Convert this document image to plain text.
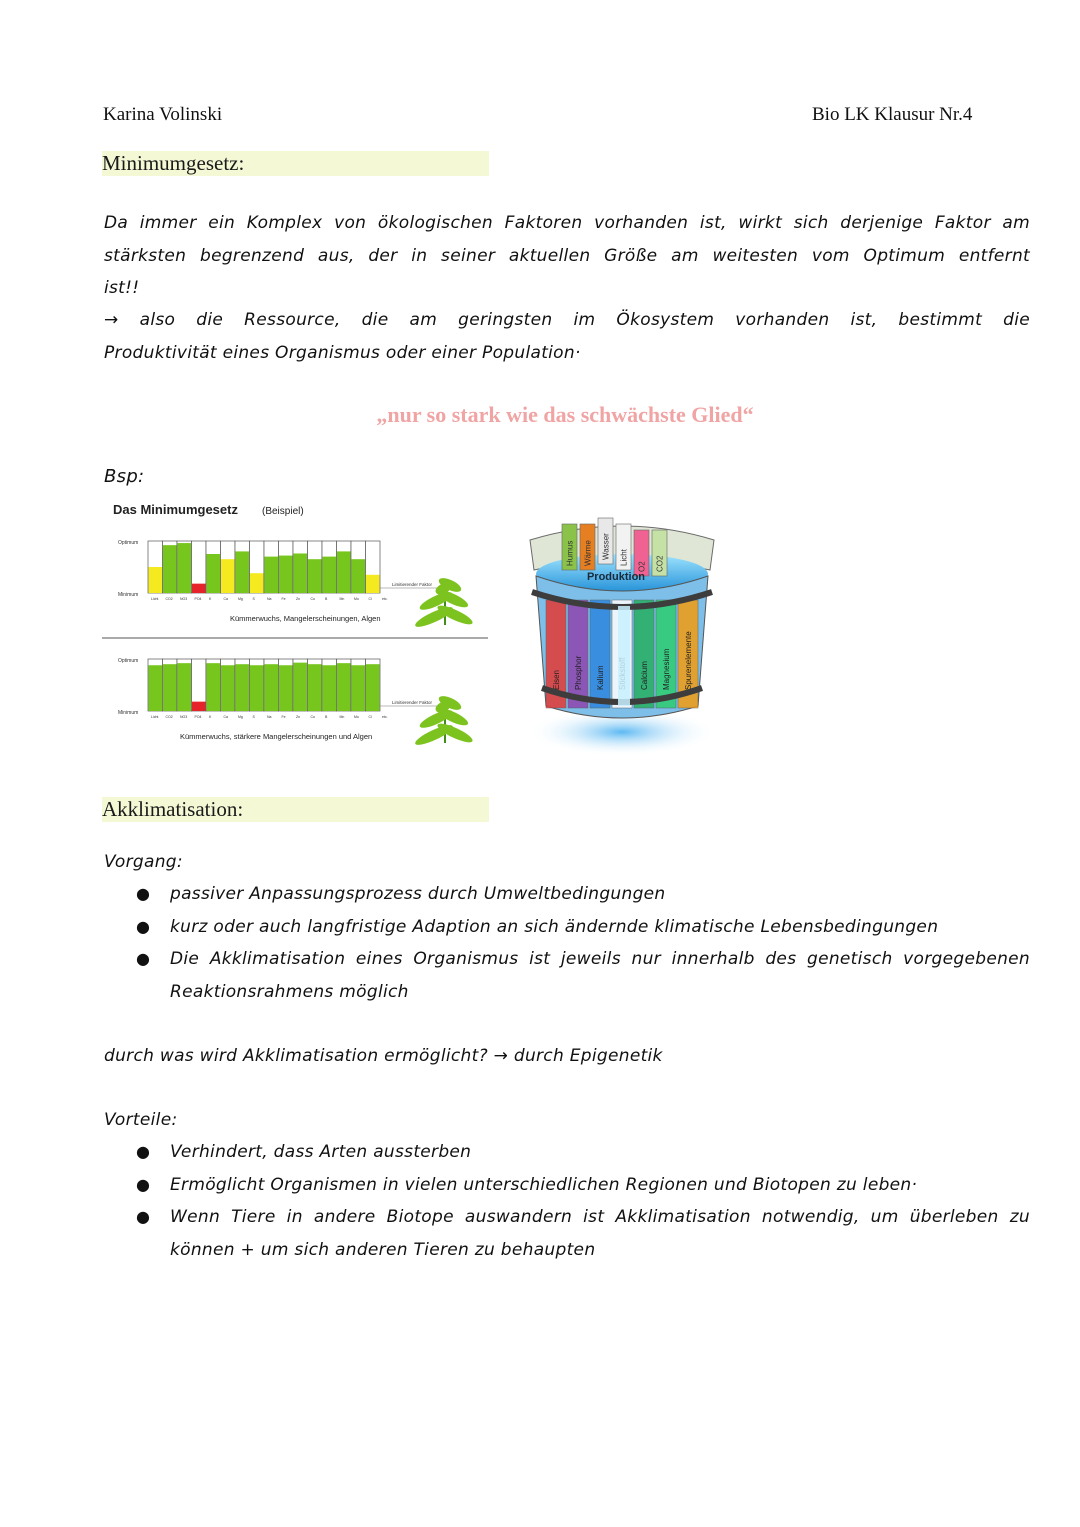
Karina Volinski	Bio LK Klausur Nr.4
Minimumgesetz:
Da immer ein Komplex von ökologischen Faktoren vorhanden ist, wirkt sich derjenige Faktor am
stärksten begrenzend aus, der in seiner aktuellen Größe am weitesten vom Optimum entfernt
ist!!
→ also die Ressource, die am geringsten im Ökosystem vorhanden ist, bestimmt die
Produktivität eines Organismus oder einer Population·
„nur so stark wie das schwächste Glied“
Bsp:
Das Minimumgesetz (Beispiel)
Optimum
Minimum
Licht CO2 NO3 PO4 K	Ca	Mg	S	Na	Fe	Zn	Cu	B	Mn	Mo	Cl
Limitierender Faktor
etc.
Kümmerwuchs, Mangelerscheinungen, Algen
Optimum
Minimum
Licht CO2 NO3 PO4 K	Ca	Mg	S	Na	Fe	Zn	Cu	B	Mn	Mo	Cl
Limitierender Faktor
etc.
Kümmerwuchs, stärkere Mangelerscheinungen und Algen
Humus Wärme Wasser Licht
O2 CO2
Eisen Phosphor Kalium	Calcium Magnesium Spurenelemente
Produktion
Akklimatisation:
Vorgang:
● passiver Anpassungsprozess durch Umweltbedingungen
● kurz oder auch langfristige Adaption an sich ändernde klimatische Lebensbedingungen
● Die Akklimatisation eines Organismus ist jeweils nur innerhalb des genetisch vorgegebenen Reaktionsrahmens möglich
durch was wird Akklimatisation ermöglicht? → durch Epigenetik
Vorteile:
● Verhindert, dass Arten aussterben
● Ermöglicht Organismen in vielen unterschiedlichen Regionen und Biotopen zu leben·
● Wenn Tiere in andere Biotope auswandern ist Akklimatisation notwendig, um überleben zu können + um sich anderen Tieren zu behaupten
